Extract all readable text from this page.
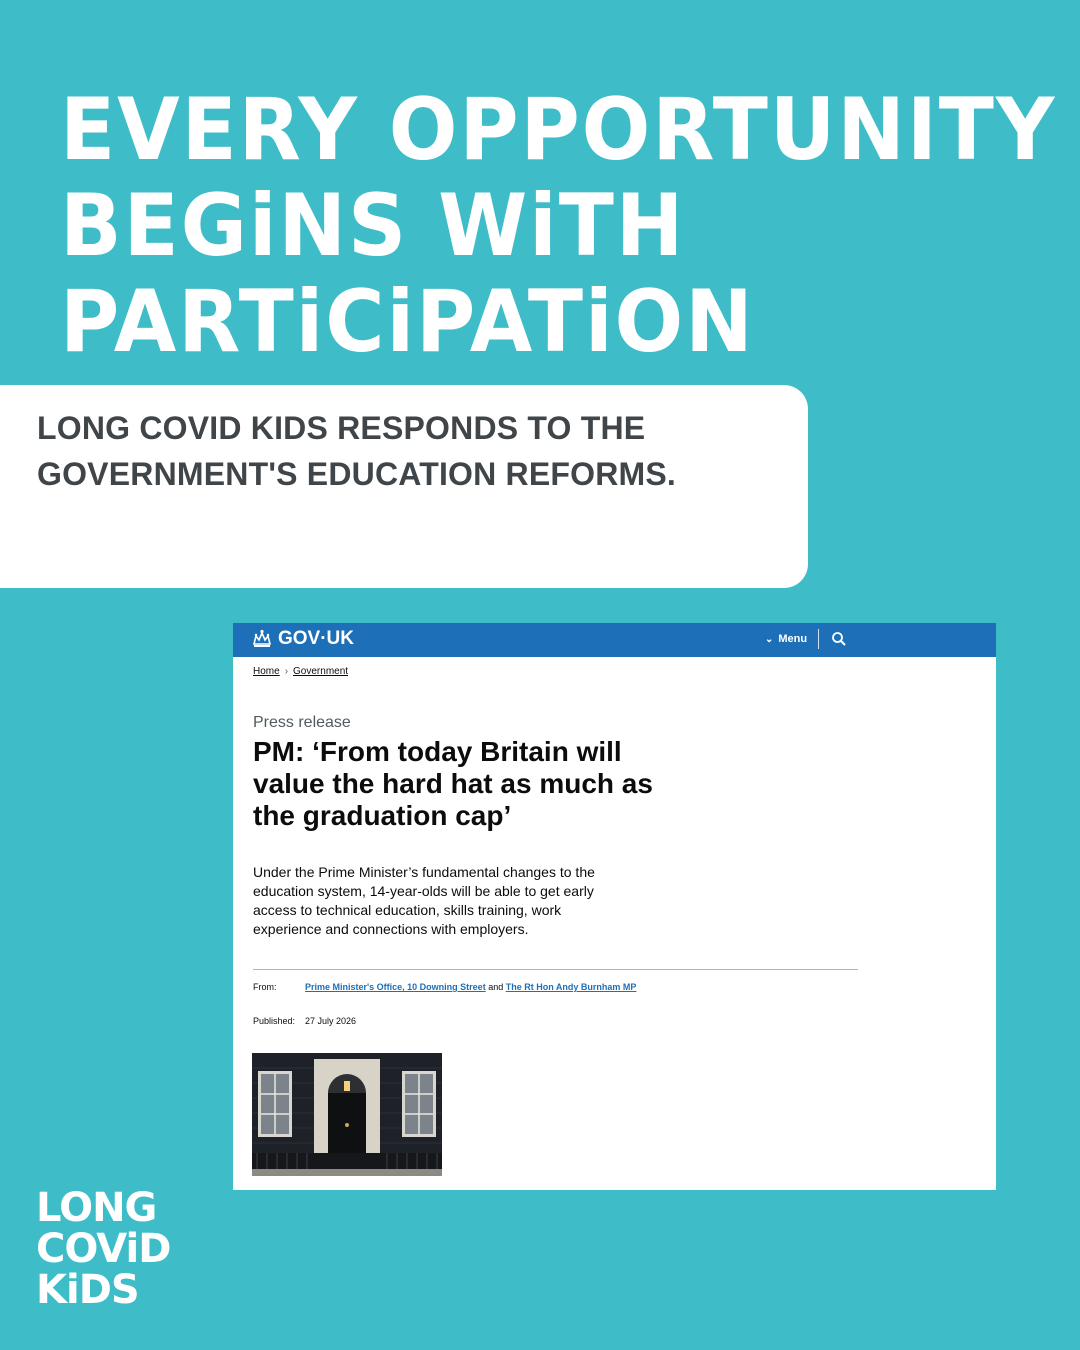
EVERY OPPORTUNITY
BEGiNS WiTH
PARTiCiPATiON
LONG COVID KIDS RESPONDS TO THE
GOVERNMENT'S EDUCATION REFORMS.
GOV·UK	⌄ Menu
Home › Government
Press release
PM: ‘From today Britain will value the hard hat as much as the graduation cap’

Under the Prime Minister’s fundamental changes to the education system, 14-year-olds will be able to get early access to technical education, skills training, work experience and connections with employers.

From:	Prime Minister's Office, 10 Downing Street and The Rt Hon Andy Burnham MP
Published:	27 July 2026
LONG
COViD
KiDS
